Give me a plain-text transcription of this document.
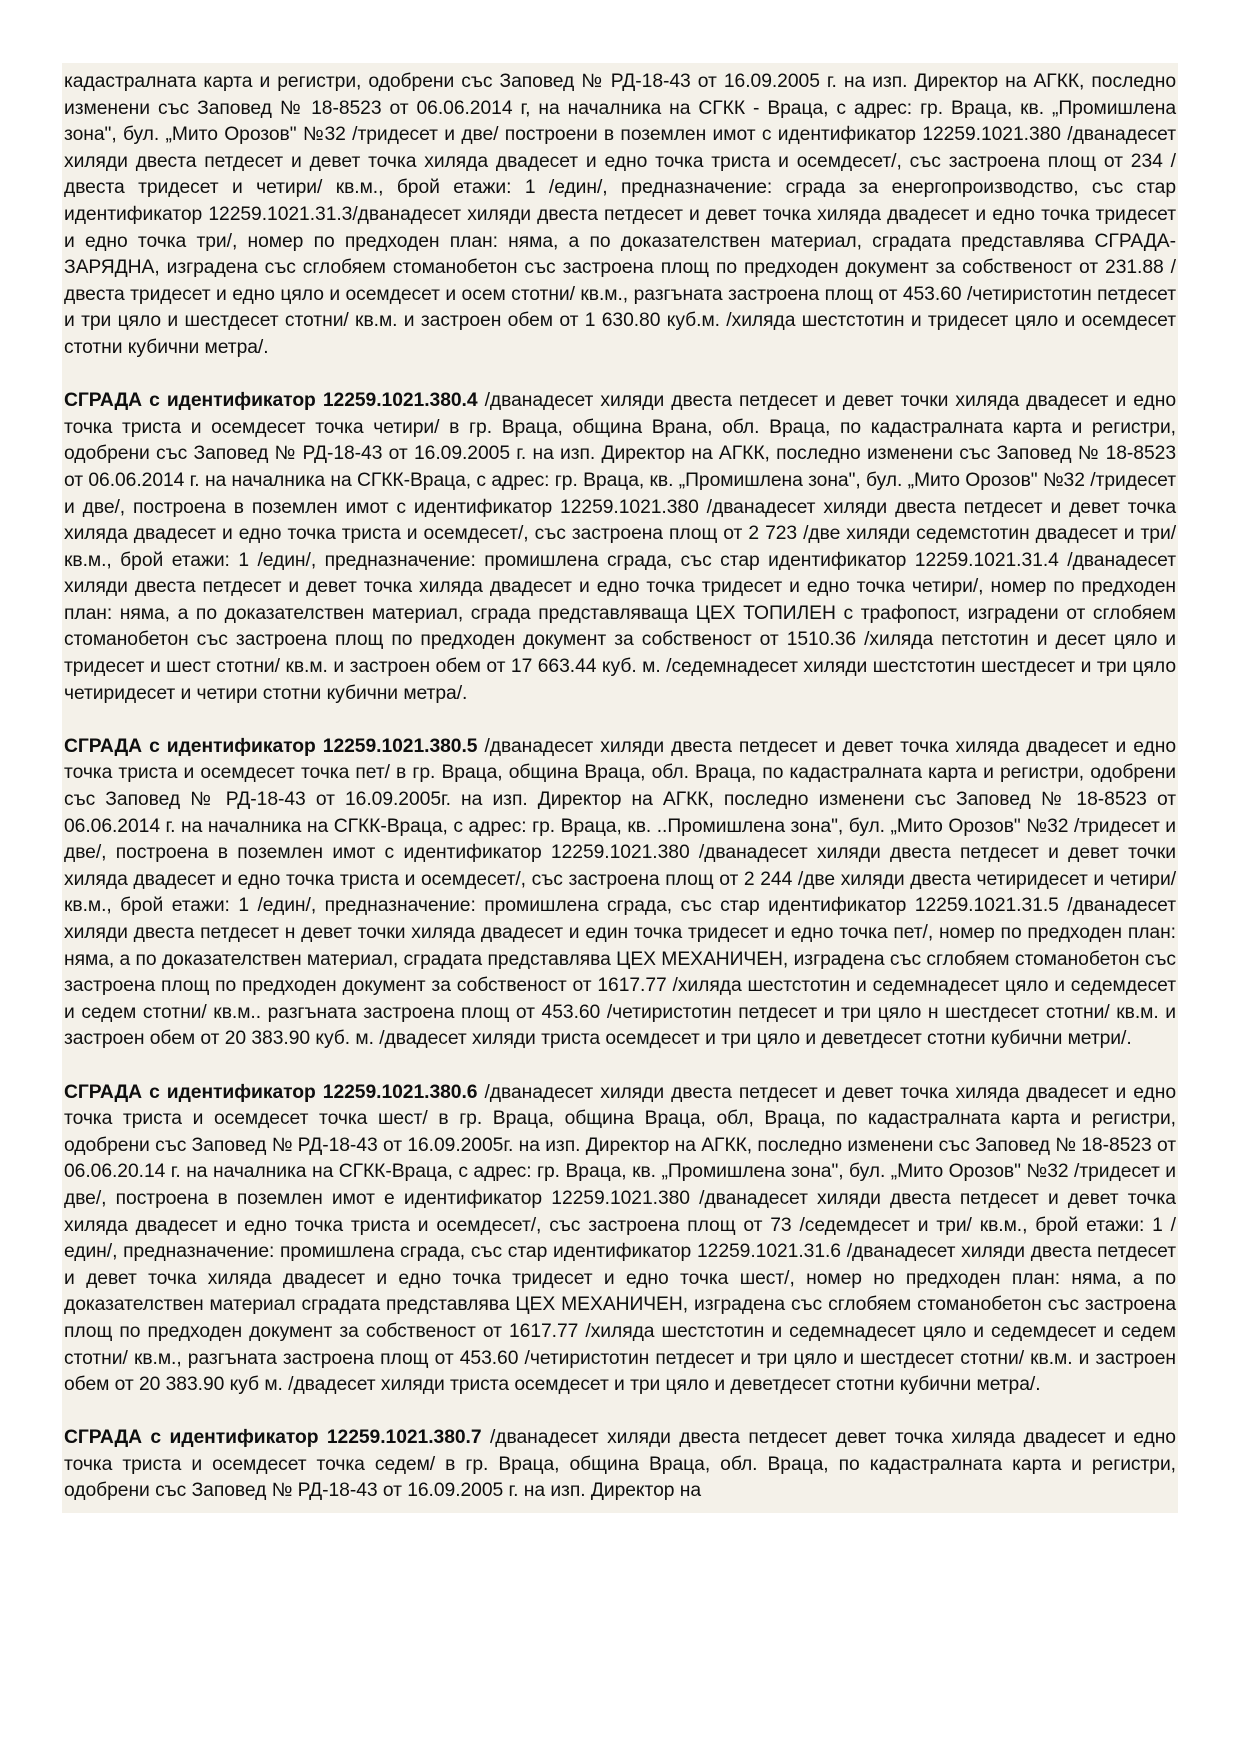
кадастралната карта и регистри, одобрени със Заповед № РД-18-43 от 16.09.2005 г. на изп. Директор на АГКК, последно изменени със Заповед № 18-8523 от 06.06.2014 г, на началника на СГКК - Враца, с адрес: гр. Враца, кв. „Промишлена зона", бул. „Мито Орозов" №32 /тридесет и две/ построени в поземлен имот с идентификатор 12259.1021.380 /дванадесет хиляди двеста петдесет и девет точка хиляда двадесет и едно точка триста и осемдесет/, със застроена площ от 234 /двеста тридесет и четири/ кв.м., брой етажи: 1 /един/, предназначение: сграда за енергопроизводство, със стар идентификатор 12259.1021.31.3/дванадесет хиляди двеста петдесет и девет точка хиляда двадесет и едно точка тридесет и едно точка три/, номер по предходен план: няма, а по доказателствен материал, сградата представлява СГРАДА-ЗАРЯДНА, изградена със сглобяем стоманобетон със застроена площ по предходен документ за собственост от 231.88 /двеста тридесет и едно цяло и осемдесет и осем стотни/ кв.м., разгъната застроена площ от 453.60 /четиристотин петдесет и три цяло и шестдесет стотни/ кв.м. и застроен обем от 1 630.80 куб.м. /хиляда шестстотин и тридесет цяло и осемдесет стотни кубични метра/.

СГРАДА с идентификатор 12259.1021.380.4 /дванадесет хиляди двеста петдесет и девет точки хиляда двадесет и едно точка триста и осемдесет точка четири/ в гр. Враца, община Врана, обл. Враца, по кадастралната карта и регистри, одобрени със Заповед № РД-18-43 от 16.09.2005 г. на изп. Директор на АГКК, последно изменени със Заповед № 18-8523 от 06.06.2014 г. на началника на СГКК-Враца, с адрес: гр. Враца, кв. „Промишлена зона", бул. „Мито Орозов" №32 /тридесет и две/, построена в поземлен имот с идентификатор 12259.1021.380 /дванадесет хиляди двеста петдесет и девет точка хиляда двадесет и едно точка триста и осемдесет/, със застроена площ от 2 723 /две хиляди седемстотин двадесет и три/ кв.м., брой етажи: 1 /един/, предназначение: промишлена сграда, със стар идентификатор 12259.1021.31.4 /дванадесет хиляди двеста петдесет и девет точка хиляда двадесет и едно точка тридесет и едно точка четири/, номер по предходен план: няма, а по доказателствен материал, сграда представляваща ЦЕХ ТОПИЛЕН с трафопост, изградени от сглобяем стоманобетон със застроена площ по предходен документ за собственост от 1510.36 /хиляда петстотин и десет цяло и тридесет и шест стотни/ кв.м. и застроен обем от 17 663.44 куб. м. /седемнадесет хиляди шестстотин шестдесет и три цяло четиридесет и четири стотни кубични метра/.

СГРАДА с идентификатор 12259.1021.380.5 /дванадесет хиляди двеста петдесет и девет точка хиляда двадесет и едно точка триста и осемдесет точка пет/ в гр. Враца, община Враца, обл. Враца, по кадастралната карта и регистри, одобрени със Заповед № РД-18-43 от 16.09.2005г. на изп. Директор на АГКК, последно изменени със Заповед № 18-8523 от 06.06.2014 г. на началника на СГКК-Враца, с адрес: гр. Враца, кв. ..Промишлена зона", бул. „Мито Орозов" №32 /тридесет и две/, построена в поземлен имот с идентификатор 12259.1021.380 /дванадесет хиляди двеста петдесет и девет точки хиляда двадесет и едно точка триста и осемдесет/, със застроена площ от 2 244 /две хиляди двеста четиридесет и четири/ кв.м., брой етажи: 1 /един/, предназначение: промишлена сграда, със стар идентификатор 12259.1021.31.5 /дванадесет хиляди двеста петдесет н девет точки хиляда двадесет и един точка тридесет и едно точка пет/, номер по предходен план: няма, а по доказателствен материал, сградата представлява ЦЕХ МЕХАНИЧЕН, изградена със сглобяем стоманобетон със застроена площ по предходен документ за собственост от 1617.77 /хиляда шестстотин и седемнадесет цяло и седемдесет и седем стотни/ кв.м.. разгъната застроена площ от 453.60 /четиристотин петдесет и три цяло н шестдесет стотни/ кв.м. и застроен обем от 20 383.90 куб. м. /двадесет хиляди триста осемдесет и три цяло и деветдесет стотни кубични метри/.

СГРАДА с идентификатор 12259.1021.380.6 /дванадесет хиляди двеста петдесет и девет точка хиляда двадесет и едно точка триста и осемдесет точка шест/ в гр. Враца, община Враца, обл, Враца, по кадастралната карта и регистри, одобрени със Заповед № РД-18-43 от 16.09.2005г. на изп. Директор на АГКК, последно изменени със Заповед № 18-8523 от 06.06.20.14 г. на началника на СГКК-Враца, с адрес: гр. Враца, кв. „Промишлена зона", бул. „Мито Орозов" №32 /тридесет и две/, построена в поземлен имот е идентификатор 12259.1021.380 /дванадесет хиляди двеста петдесет и девет точка хиляда двадесет и едно точка триста и осемдесет/, със застроена площ от 73 /седемдесет и три/ кв.м., брой етажи: 1 /един/, предназначение: промишлена сграда, със стар идентификатор 12259.1021.31.6 /дванадесет хиляди двеста петдесет и девет точка хиляда двадесет и едно точка тридесет и едно точка шест/, номер но предходен план: няма, а по доказателствен материал сградата представлява ЦЕХ МЕХАНИЧЕН, изградена със сглобяем стоманобетон със застроена площ по предходен документ за собственост от 1617.77 /хиляда шестстотин и седемнадесет цяло и седемдесет и седем стотни/ кв.м., разгъната застроена площ от 453.60 /четиристотин петдесет и три цяло и шестдесет стотни/ кв.м. и застроен обем от 20 383.90 куб м. /двадесет хиляди триста осемдесет и три цяло и деветдесет стотни кубични метра/.

СГРАДА с идентификатор 12259.1021.380.7 /дванадесет хиляди двеста петдесет девет точка хиляда двадесет и едно точка триста и осемдесет точка седем/ в гр. Враца, община Враца, обл. Враца, по кадастралната карта и регистри, одобрени със Заповед № РД-18-43 от 16.09.2005 г. на изп. Директор на
